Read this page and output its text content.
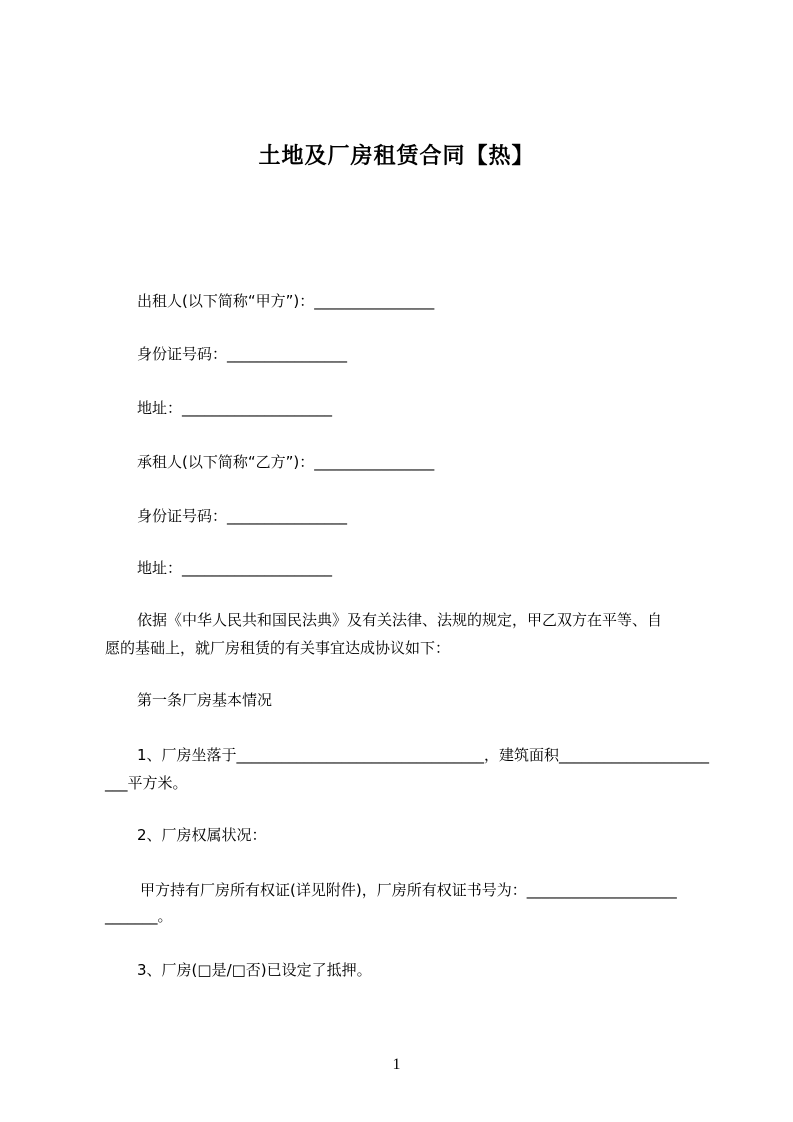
土地及厂房租赁合同【热】
出租人(以下简称“甲方”)：________________
身份证号码：________________
地址：____________________
承租人(以下简称“乙方”)：________________
身份证号码：________________
地址：____________________
依据《中华人民共和国民法典》及有关法律、法规的规定，甲乙双方在平等、自
愿的基础上，就厂房租赁的有关事宜达成协议如下：
第一条厂房基本情况
1、厂房坐落于_________________________________，建筑面积____________________
___平方米。
2、厂房权属状况：
甲方持有厂房所有权证(详见附件)，厂房所有权证书号为：____________________
_______。
3、厂房(□是/□否)已设定了抵押。
1
